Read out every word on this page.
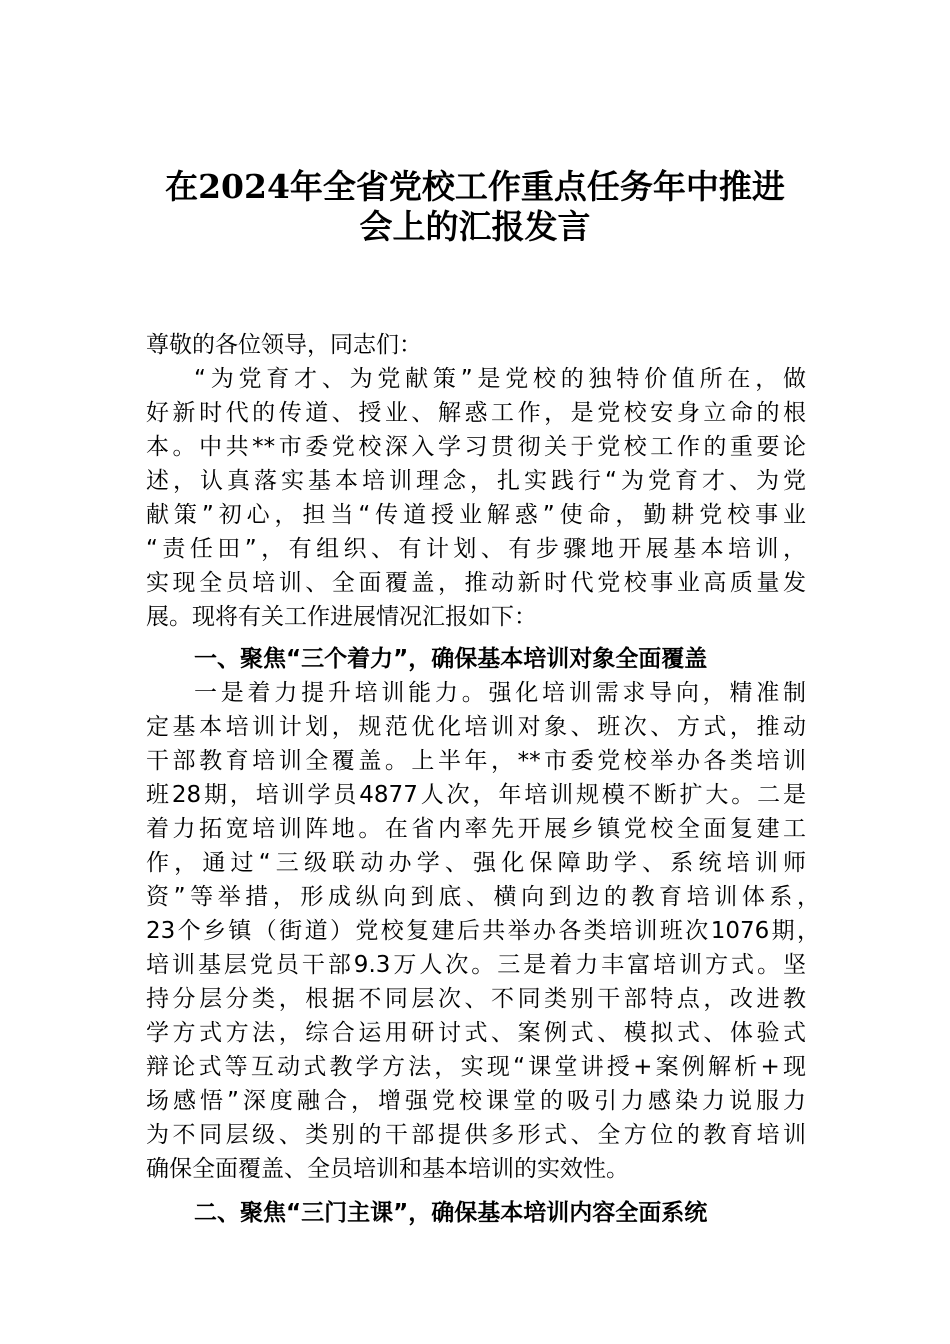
在2024年全省党校工作重点任务年中推进
会上的汇报发言

尊敬的各位领导，同志们：

“为党育才、为党献策”是党校的独特价值所在，做

好新时代的传道、授业、解惑工作，是党校安身立命的根

本。中共**市委党校深入学习贯彻关于党校工作的重要论

述，认真落实基本培训理念，扎实践行“为党育才、为党

献策”初心，担当“传道授业解惑”使命，勤耕党校事业

“责任田”，有组织、有计划、有步骤地开展基本培训，

实现全员培训、全面覆盖，推动新时代党校事业高质量发

展。现将有关工作进展情况汇报如下：

一、聚焦“三个着力”，确保基本培训对象全面覆盖

一是着力提升培训能力。强化培训需求导向，精准制

定基本培训计划，规范优化培训对象、班次、方式，推动

干部教育培训全覆盖。上半年，**市委党校举办各类培训

班28期，培训学员4877人次，年培训规模不断扩大。二是

着力拓宽培训阵地。在省内率先开展乡镇党校全面复建工

作，通过“三级联动办学、强化保障助学、系统培训师

资”等举措，形成纵向到底、横向到边的教育培训体系，

23个乡镇（街道）党校复建后共举办各类培训班次1076期，

培训基层党员干部9.3万人次。三是着力丰富培训方式。坚

持分层分类，根据不同层次、不同类别干部特点，改进教

学方式方法，综合运用研讨式、案例式、模拟式、体验式

辩论式等互动式教学方法，实现“课堂讲授+案例解析+现

场感悟”深度融合，增强党校课堂的吸引力感染力说服力

为不同层级、类别的干部提供多形式、全方位的教育培训

确保全面覆盖、全员培训和基本培训的实效性。

二、聚焦“三门主课”，确保基本培训内容全面系统
